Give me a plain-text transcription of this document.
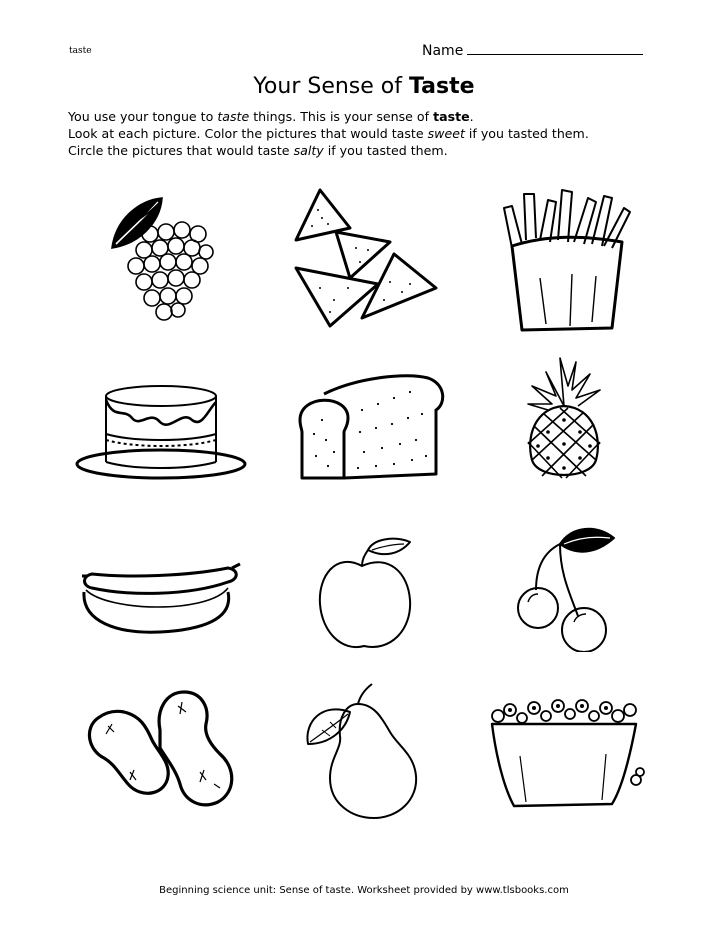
taste	Name
Your Sense of Taste

You use your tongue to taste things. This is your sense of taste.

Look at each picture. Color the pictures that would taste sweet if you tasted them.

Circle the pictures that would taste salty if you tasted them.

Beginning science unit: Sense of taste. Worksheet provided by www.tlsbooks.com
